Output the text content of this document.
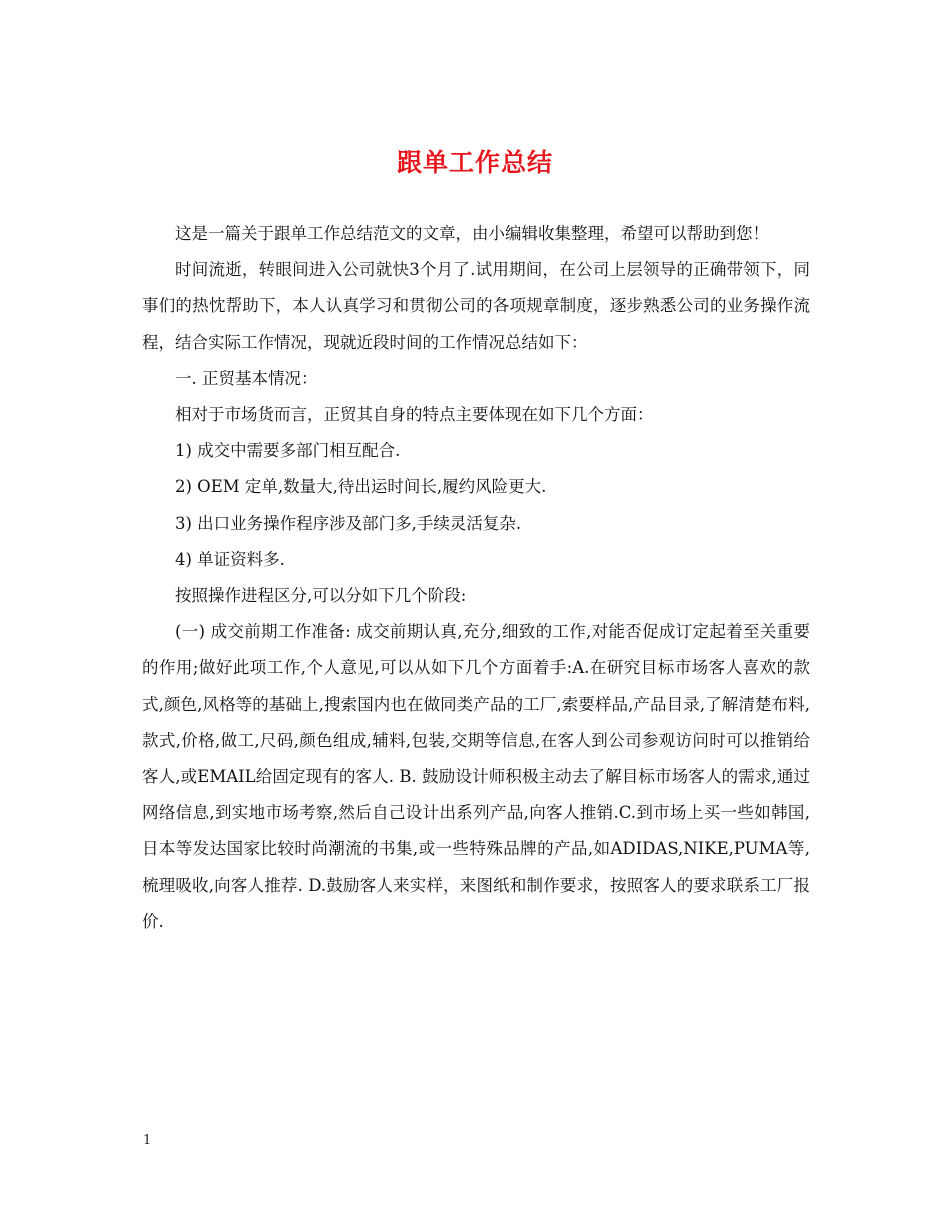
跟单工作总结

这是一篇关于跟单工作总结范文的文章，由小编辑收集整理，希望可以帮助到您！

时间流逝，转眼间进入公司就快3个月了.试用期间，在公司上层领导的正确带领下，同事们的热忱帮助下，本人认真学习和贯彻公司的各项规章制度，逐步熟悉公司的业务操作流程，结合实际工作情况，现就近段时间的工作情况总结如下：

一. 正贸基本情况：

相对于市场货而言，正贸其自身的特点主要体现在如下几个方面：

1) 成交中需要多部门相互配合.

2) OEM 定单,数量大,待出运时间长,履约风险更大.

3) 出口业务操作程序涉及部门多,手续灵活复杂.

4) 单证资料多.

按照操作进程区分,可以分如下几个阶段:

(一) 成交前期工作准备: 成交前期认真,充分,细致的工作,对能否促成订定起着至关重要的作用;做好此项工作,个人意见,可以从如下几个方面着手:A.在研究目标市场客人喜欢的款式,颜色,风格等的基础上,搜索国内也在做同类产品的工厂,索要样品,产品目录,了解清楚布料,款式,价格,做工,尺码,颜色组成,辅料,包装,交期等信息,在客人到公司参观访问时可以推销给客人,或EMAIL给固定现有的客人. B. 鼓励设计师积极主动去了解目标市场客人的需求,通过网络信息,到实地市场考察,然后自己设计出系列产品,向客人推销.C.到市场上买一些如韩国,日本等发达国家比较时尚潮流的书集,或一些特殊品牌的产品,如ADIDAS,NIKE,PUMA等,梳理吸收,向客人推荐. D.鼓励客人来实样，来图纸和制作要求，按照客人的要求联系工厂报价.

1
